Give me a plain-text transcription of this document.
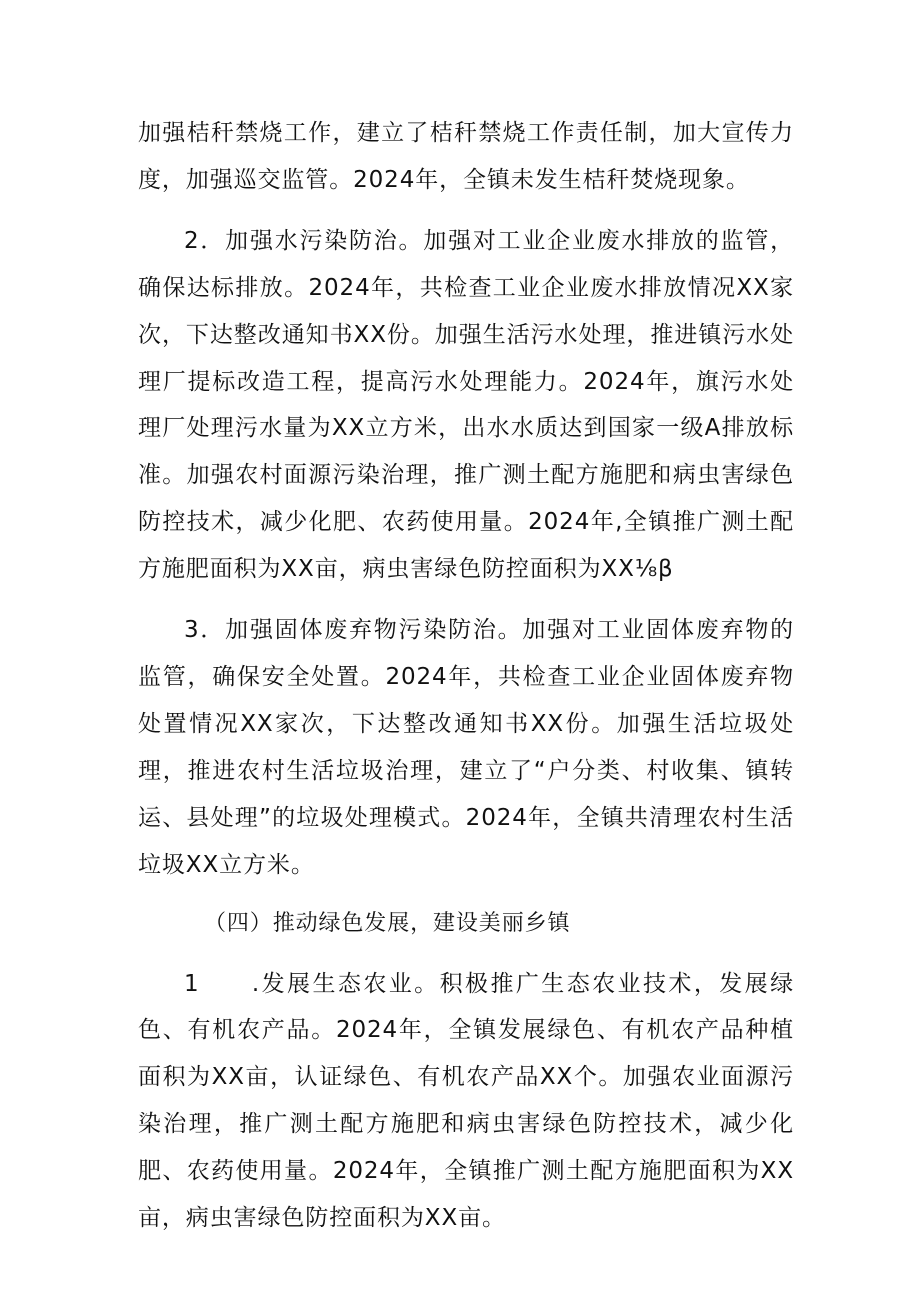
加强桔秆禁烧工作，建立了桔秆禁烧工作责任制，加大宣传力度，加强巡交监管。2024年，全镇未发生桔秆焚烧现象。

2．加强水污染防治。加强对工业企业废水排放的监管，确保达标排放。2024年，共检查工业企业废水排放情况XX家次，下达整改通知书XX份。加强生活污水处理，推进镇污水处理厂提标改造工程，提高污水处理能力。2024年，旗污水处理厂处理污水量为XX立方米，出水水质达到国家一级A排放标准。加强农村面源污染治理，推广测土配方施肥和病虫害绿色防控技术，减少化肥、农药使用量。2024年,全镇推广测土配方施肥面积为XX亩，病虫害绿色防控面积为XX⅛β

3．加强固体废弃物污染防治。加强对工业固体废弃物的监管，确保安全处置。2024年，共检查工业企业固体废弃物处置情况XX家次，下达整改通知书XX份。加强生活垃圾处理，推进农村生活垃圾治理，建立了“户分类、村收集、镇转运、县处理”的垃圾处理模式。2024年，全镇共清理农村生活垃圾XX立方米。

（四）推动绿色发展，建设美丽乡镇

1　　.发展生态农业。积极推广生态农业技术，发展绿色、有机农产品。2024年，全镇发展绿色、有机农产品种植面积为XX亩，认证绿色、有机农产品XX个。加强农业面源污染治理，推广测土配方施肥和病虫害绿色防控技术，减少化肥、农药使用量。2024年，全镇推广测土配方施肥面积为XX亩，病虫害绿色防控面积为XX亩。
